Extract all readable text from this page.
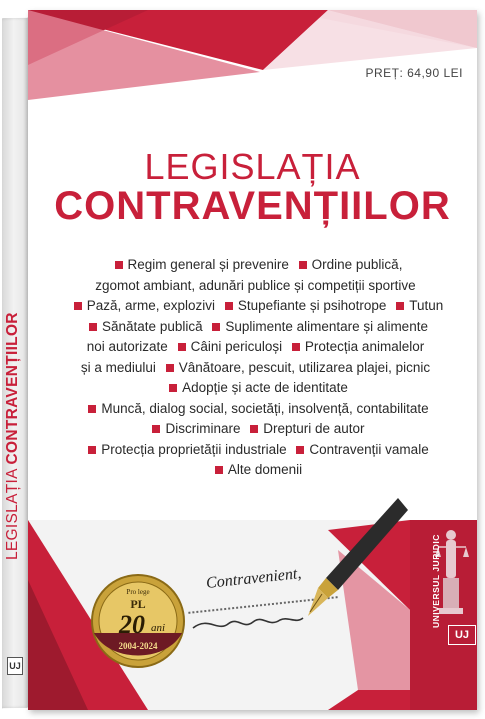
LEGISLAȚIA CONTRAVENȚIILOR
UJ
PREȚ: 64,90 LEI
LEGISLAȚIA
CONTRAVENȚIILOR
Regim general și prevenire Ordine publică,
zgomot ambiant, adunări publice și competiții sportive
Pază, arme, explozivi Stupefiante și psihotrope Tutun
Sănătate publică Suplimente alimentare și alimente
noi autorizate Câini periculoși Protecția animalelor
și a mediului Vânătoare, pescuit, utilizarea plajei, picnic
Adopție și acte de identitate
Muncă, dialog social, societăți, insolvență, contabilitate
Discriminare Drepturi de autor
Protecția proprietății industriale Contravenții vamale
Alte domenii
Contravenient,	UNIVERSUL JURIDIC
UJ
Pro lege
PL
20 ani
2004-2024
